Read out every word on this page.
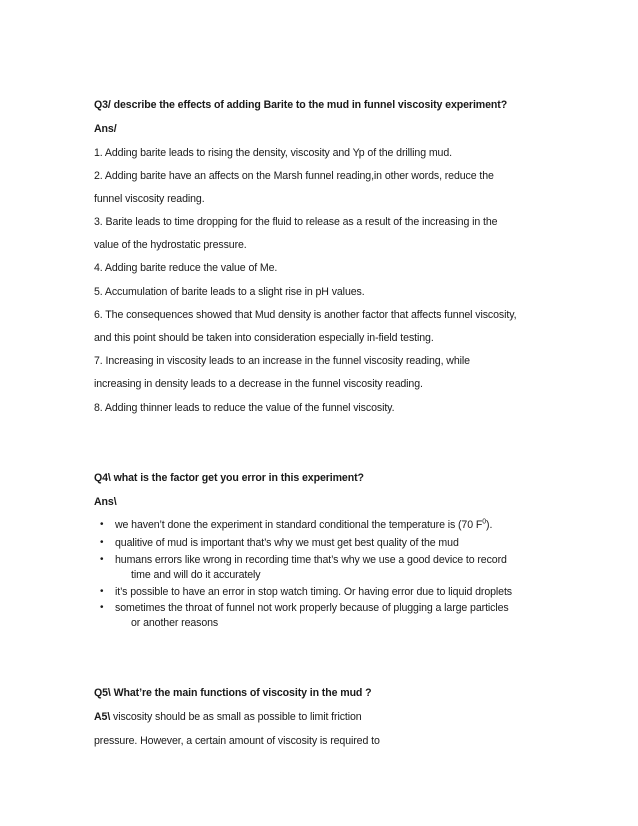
Q3/ describe the effects of adding Barite to the mud in funnel viscosity experiment?
Ans/
1. Adding barite leads to rising the density, viscosity and Yp of the drilling mud.
2. Adding barite have an affects on the Marsh funnel reading,in other words, reduce the
funnel viscosity reading.
3. Barite leads to time dropping for the fluid to release as a result of the increasing in the
value of the hydrostatic pressure.
4. Adding barite reduce the value of Me.
5. Accumulation of barite leads to a slight rise in pH values.
6. The consequences showed that Mud density is another factor that affects funnel viscosity,
and this point should be taken into consideration especially in-field testing.
7. Increasing in viscosity leads to an increase in the funnel viscosity reading, while
increasing in density leads to a decrease in the funnel viscosity reading.
8. Adding thinner leads to reduce the value of the funnel viscosity.
Q4\ what is the factor get you error in this experiment?
Ans\
• we haven’t done the experiment in standard conditional the temperature is (70 $F^0$).
• qualitive of mud is important that’s why we must get best quality of the mud
• humans errors like wrong in recording time that’s why we use a good device to record
time and will do it accurately
• it’s possible to have an error in stop watch timing. Or having error due to liquid droplets
• sometimes the throat of funnel not work properly because of plugging a large particles
or another reasons
Q5\ What’re the main functions of viscosity in the mud ?
A5\ viscosity should be as small as possible to limit friction
pressure. However, a certain amount of viscosity is required to
